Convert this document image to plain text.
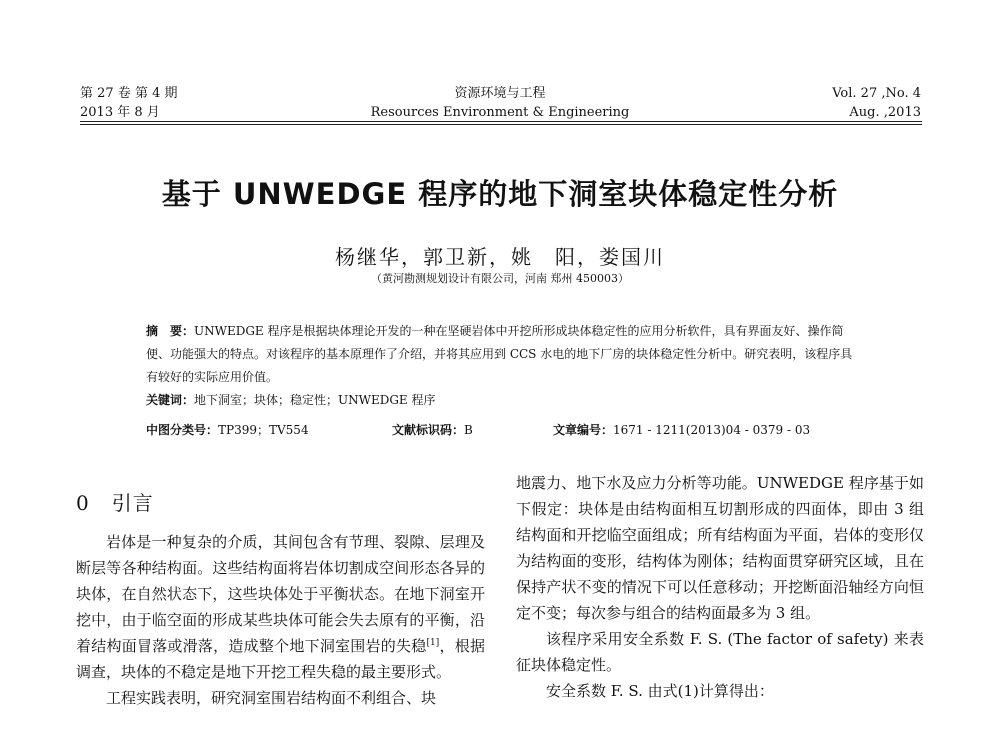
第 27 卷 第 4 期
2013 年 8 月
资源环境与工程
Resources Environment & Engineering
Vol. 27 ,No. 4
Aug. ,2013
基于 UNWEDGE 程序的地下洞室块体稳定性分析
杨继华，郭卫新，姚　阳，娄国川
（黄河勘测规划设计有限公司，河南 郑州 450003）
摘　要：UNWEDGE 程序是根据块体理论开发的一种在坚硬岩体中开挖所形成块体稳定性的应用分析软件，具有界面友好、操作简便、功能强大的特点。对该程序的基本原理作了介绍，并将其应用到 CCS 水电的地下厂房的块体稳定性分析中。研究表明，该程序具有较好的实际应用价值。
关键词：地下洞室；块体；稳定性；UNWEDGE 程序
中图分类号：TP399；TV554	文献标识码：B	文章编号：1671 - 1211(2013)04 - 0379 - 03
0 引言

岩体是一种复杂的介质，其间包含有节理、裂隙、层理及断层等各种结构面。这些结构面将岩体切割成空间形态各异的块体，在自然状态下，这些块体处于平衡状态。在地下洞室开挖中，由于临空面的形成某些块体可能会失去原有的平衡，沿着结构面冒落或滑落，造成整个地下洞室围岩的失稳[1]，根据调查，块体的不稳定是地下开挖工程失稳的最主要形式。

工程实践表明，研究洞室围岩结构面不利组合、块

地震力、地下水及应力分析等功能。UNWEDGE 程序基于如下假定：块体是由结构面相互切割形成的四面体，即由 3 组结构面和开挖临空面组成；所有结构面为平面，岩体的变形仅为结构面的变形，结构体为刚体；结构面贯穿研究区域，且在保持产状不变的情况下可以任意移动；开挖断面沿轴经方向恒定不变；每次参与组合的结构面最多为 3 组。

该程序采用安全系数 F. S. (The factor of safety) 来表征块体稳定性。

安全系数 F. S. 由式(1)计算得出：
